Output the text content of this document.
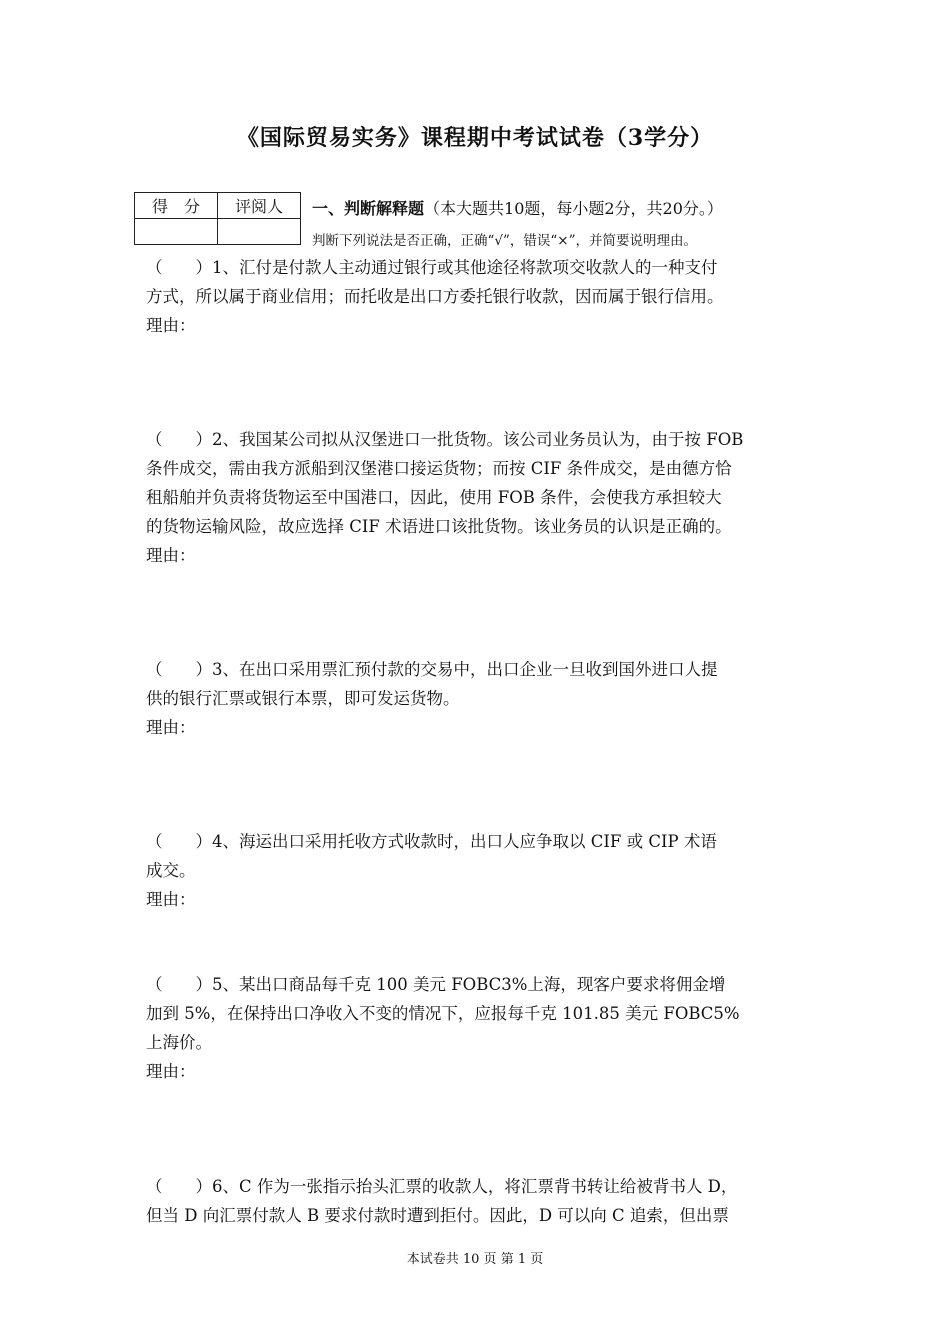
《国际贸易实务》课程期中考试试卷（3学分）
得　分	评阅人
	一、判断解释题（本大题共10题，每小题2分，共20分。）
判断下列说法是否正确，正确“√”，错误“×”，并简要说明理由。
（　　）1、汇付是付款人主动通过银行或其他途径将款项交收款人的一种支付
方式，所以属于商业信用；而托收是出口方委托银行收款，因而属于银行信用。
理由：
（　　）2、我国某公司拟从汉堡进口一批货物。该公司业务员认为，由于按 FOB
条件成交，需由我方派船到汉堡港口接运货物；而按 CIF 条件成交，是由德方恰
租船舶并负责将货物运至中国港口，因此，使用 FOB 条件，会使我方承担较大
的货物运输风险，故应选择 CIF 术语进口该批货物。该业务员的认识是正确的。
理由：
（　　）3、在出口采用票汇预付款的交易中，出口企业一旦收到国外进口人提
供的银行汇票或银行本票，即可发运货物。
理由：
（　　）4、海运出口采用托收方式收款时，出口人应争取以 CIF 或 CIP 术语
成交。
理由：
（　　）5、某出口商品每千克 100 美元 FOBC3%上海，现客户要求将佣金增
加到 5%，在保持出口净收入不变的情况下，应报每千克 101.85 美元 FOBC5%
上海价。
理由：
（　　）6、C 作为一张指示抬头汇票的收款人，将汇票背书转让给被背书人 D，
但当 D 向汇票付款人 B 要求付款时遭到拒付。因此，D 可以向 C 追索，但出票
本试卷共 10 页 第 1 页
